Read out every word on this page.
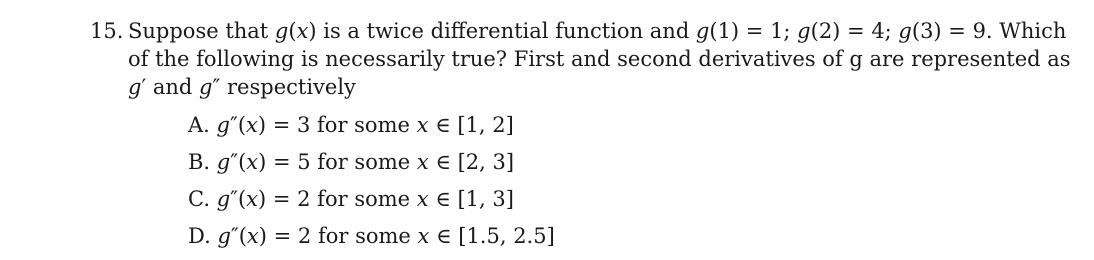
15. Suppose that 𝑔(𝑥) is a twice differential function and 𝑔(1) = 1; 𝑔(2) = 4; 𝑔(3) = 9. Which
of the following is necessarily true? First and second derivatives of g are represented as
𝑔′ and 𝑔″ respectively
A. 𝑔″(𝑥) = 3 for some 𝑥 ∈ [1, 2]
B. 𝑔″(𝑥) = 5 for some 𝑥 ∈ [2, 3]
C. 𝑔″(𝑥) = 2 for some 𝑥 ∈ [1, 3]
D. 𝑔″(𝑥) = 2 for some 𝑥 ∈ [1.5, 2.5]
